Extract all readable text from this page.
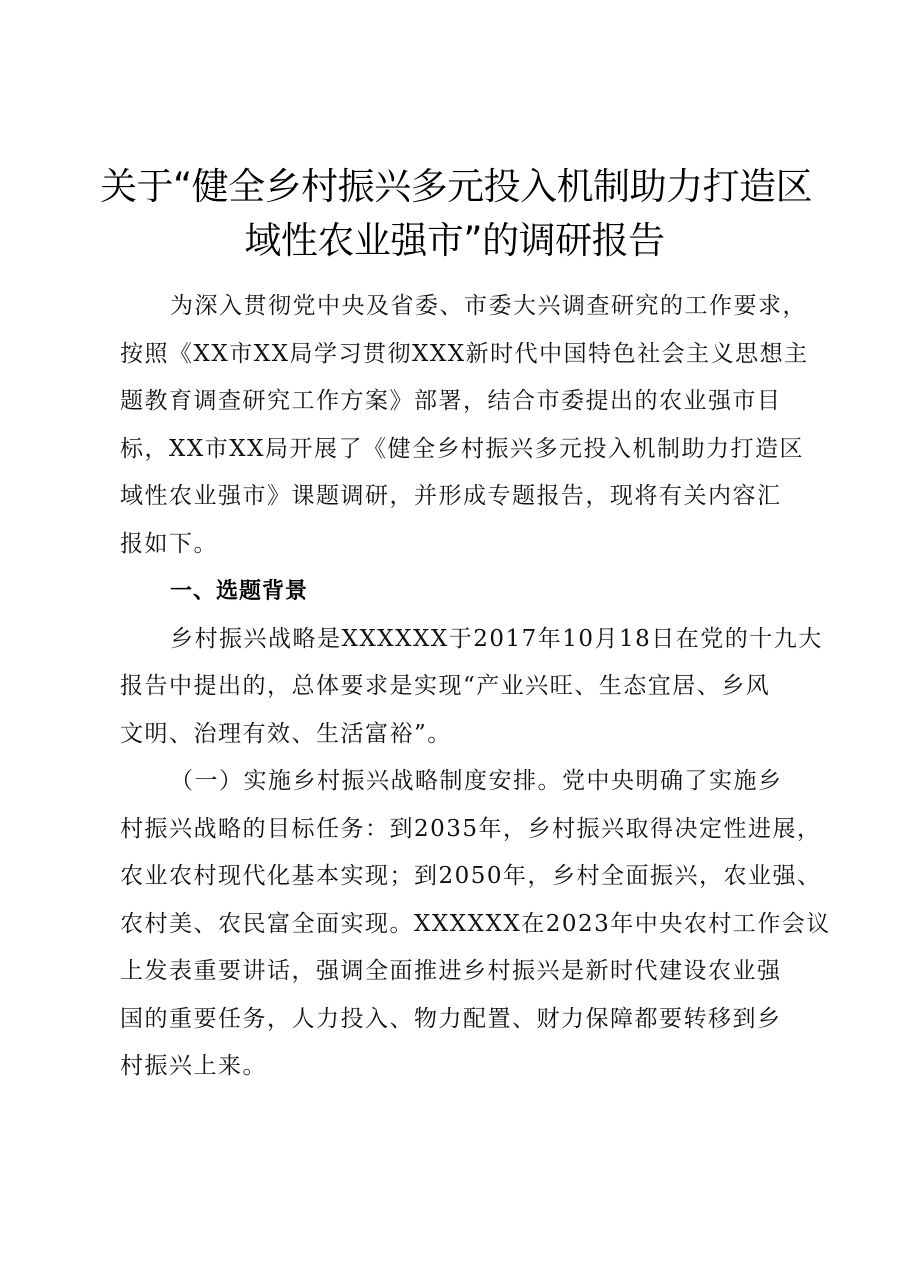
关于“健全乡村振兴多元投入机制助力打造区
域性农业强市”的调研报告

为深入贯彻党中央及省委、市委大兴调查研究的工作要求，
按照《XX市XX局学习贯彻XXX新时代中国特色社会主义思想主
题教育调查研究工作方案》部署，结合市委提出的农业强市目
标，XX市XX局开展了《健全乡村振兴多元投入机制助力打造区
域性农业强市》课题调研，并形成专题报告，现将有关内容汇
报如下。

一、选题背景

乡村振兴战略是XXXXXX于2017年10月18日在党的十九大
报告中提出的，总体要求是实现“产业兴旺、生态宜居、乡风
文明、治理有效、生活富裕”。

（一）实施乡村振兴战略制度安排。党中央明确了实施乡
村振兴战略的目标任务：到2035年，乡村振兴取得决定性进展，
农业农村现代化基本实现；到2050年，乡村全面振兴，农业强、
农村美、农民富全面实现。XXXXXX在2023年中央农村工作会议
上发表重要讲话，强调全面推进乡村振兴是新时代建设农业强
国的重要任务，人力投入、物力配置、财力保障都要转移到乡
村振兴上来。
